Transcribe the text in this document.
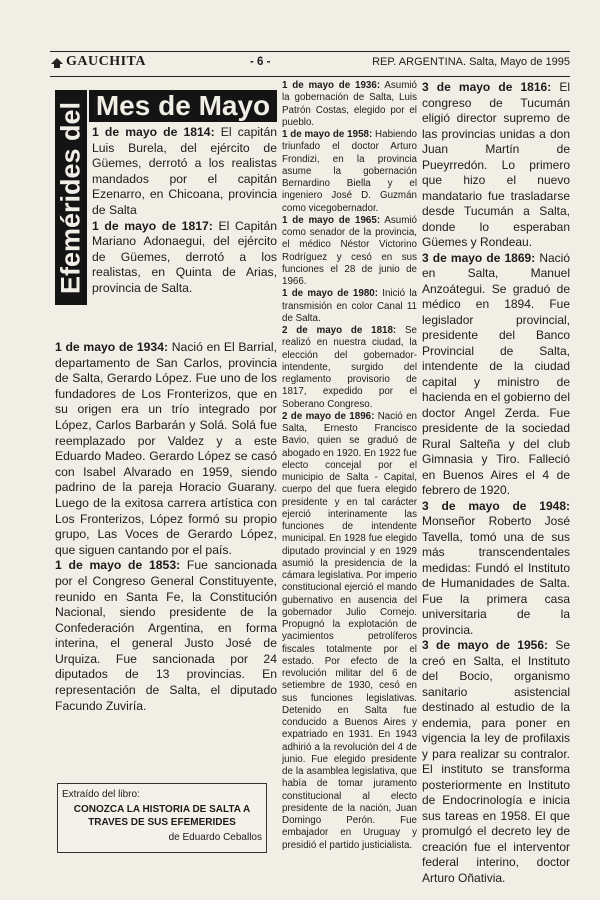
GAUCHITA	- 6 -	REP. ARGENTINA. Salta, Mayo de 1995
Efemérides del Mes de Mayo

1 de mayo de 1814: El capitán Luis Burela, del ejército de Güemes, derrotó a los realistas mandados por el capitán Ezenarro, en Chicoana, provincia de Salta

1 de mayo de 1817: El Capitán Mariano Adonaegui, del ejército de Güemes, derrotó a los realistas, en Quinta de Arias, provincia de Salta.

1 de mayo de 1934: Nació en El Barrial, departamento de San Carlos, provincia de Salta, Gerardo López. Fue uno de los fundadores de Los Fronterizos, que en su origen era un trío integrado por López, Carlos Barbarán y Solá. Solá fue reemplazado por Valdez y a este Eduardo Madeo. Gerardo López se casó con Isabel Alvarado en 1959, siendo padrino de la pareja Horacio Guarany. Luego de la exitosa carrera artística con Los Fronterizos, López formó su propio grupo, Las Voces de Gerardo López, que siguen cantando por el país.

1 de mayo de 1853: Fue sancionada por el Congreso General Constituyente, reunido en Santa Fe, la Constitución Nacional, siendo presidente de la Confederación Argentina, en forma interina, el general Justo José de Urquiza. Fue sancionada por 24 diputados de 13 provincias. En representación de Salta, el diputado Facundo Zuviría.

1 de mayo de 1936: Asumió la gobernación de Salta, Luis Patrón Costas, elegido por el pueblo.

1 de mayo de 1958: Habiendo triunfado el doctor Arturo Frondizi, en la provincia asume la gobernación Bernardino Biella y el ingeniero José D. Guzmán como vicegobernador.

1 de mayo de 1965: Asumió como senador de la provincia, el médico Néstor Victorino Rodríguez y cesó en sus funciones el 28 de junio de 1966.

1 de mayo de 1980: Inició la transmisión en color Canal 11 de Salta.

2 de mayo de 1818: Se realizó en nuestra ciudad, la elección del gobernador-intendente, surgido del reglamento provisorio de 1817, expedido por el Soberano Congreso.

2 de mayo de 1896: Nació en Salta, Ernesto Francisco Bavio, quien se graduó de abogado en 1920. En 1922 fue electo concejal por el municipio de Salta - Capital, cuerpo del que fuera elegido presidente y en tal carácter ejerció interinamente las funciones de intendente municipal. En 1928 fue elegido diputado provincial y en 1929 asumió la presidencia de la cámara legislativa. Por imperio constitucional ejerció el mando gubernativo en ausencia del gobernador Julio Cornejo. Propugnó la explotación de yacimientos petrolíferos fiscales totalmente por el estado. Por efecto de la revolución militar del 6 de setiembre de 1930, cesó en sus funciones legislativas. Detenido en Salta fue conducido a Buenos Aires y expatriado en 1931. En 1943 adhirió a la revolución del 4 de junio. Fue elegido presidente de la asamblea legislativa, que había de tomar juramento constitucional al electo presidente de la nación, Juan Domingo Perón. Fue embajador en Uruguay y presidió el partido justicialista.

3 de mayo de 1816: El congreso de Tucumán eligió director supremo de las provincias unidas a don Juan Martín de Pueyrredón. Lo primero que hizo el nuevo mandatario fue trasladarse desde Tucumán a Salta, donde lo esperaban Güemes y Rondeau.

3 de mayo de 1869: Nació en Salta, Manuel Anzoátegui. Se graduó de médico en 1894. Fue legislador provincial, presidente del Banco Provincial de Salta, intendente de la ciudad capital y ministro de hacienda en el gobierno del doctor Angel Zerda. Fue presidente de la sociedad Rural Salteña y del club Gimnasia y Tiro. Falleció en Buenos Aires el 4 de febrero de 1920.

3 de mayo de 1948: Monseñor Roberto José Tavella, tomó una de sus más transcendentales medidas: Fundó el Instituto de Humanidades de Salta. Fue la primera casa universitaria de la provincia.

3 de mayo de 1956: Se creó en Salta, el Instituto del Bocio, organismo sanitario asistencial destinado al estudio de la endemia, para poner en vigencia la ley de profilaxis y para realizar su contralor. El instituto se transforma posteriormente en Instituto de Endocrinología e inicia sus tareas en 1958. El que promulgó el decreto ley de creación fue el interventor federal interino, doctor Arturo Oñativia.

Extraído del libro:
CONOZCA LA HISTORIA DE SALTA A TRAVES DE SUS EFEMERIDES
de Eduardo Ceballos
